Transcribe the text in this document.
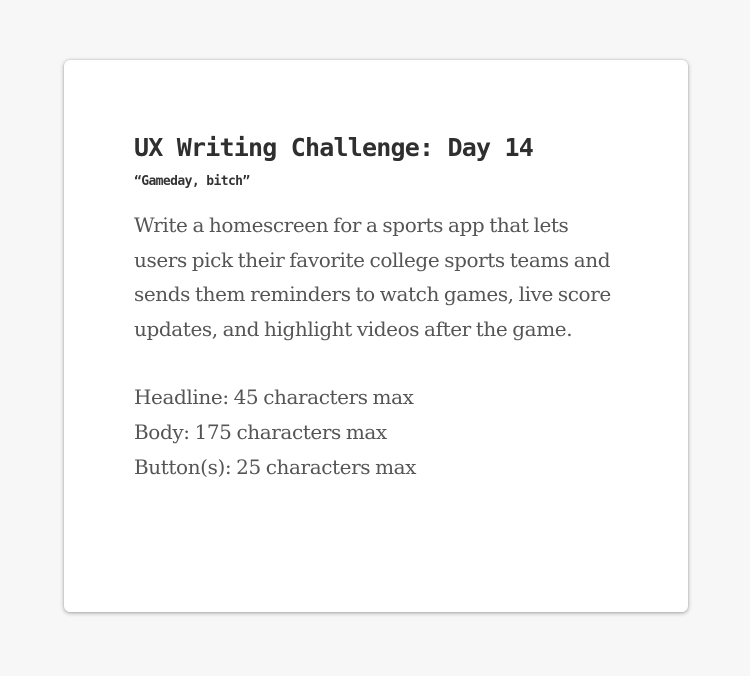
UX Writing Challenge: Day 14
“Gameday, bitch”

Write a homescreen for a sports app that lets users pick their favorite college sports teams and sends them reminders to watch games, live score updates, and highlight videos after the game.

Headline: 45 characters max
Body: 175 characters max
Button(s): 25 characters max
